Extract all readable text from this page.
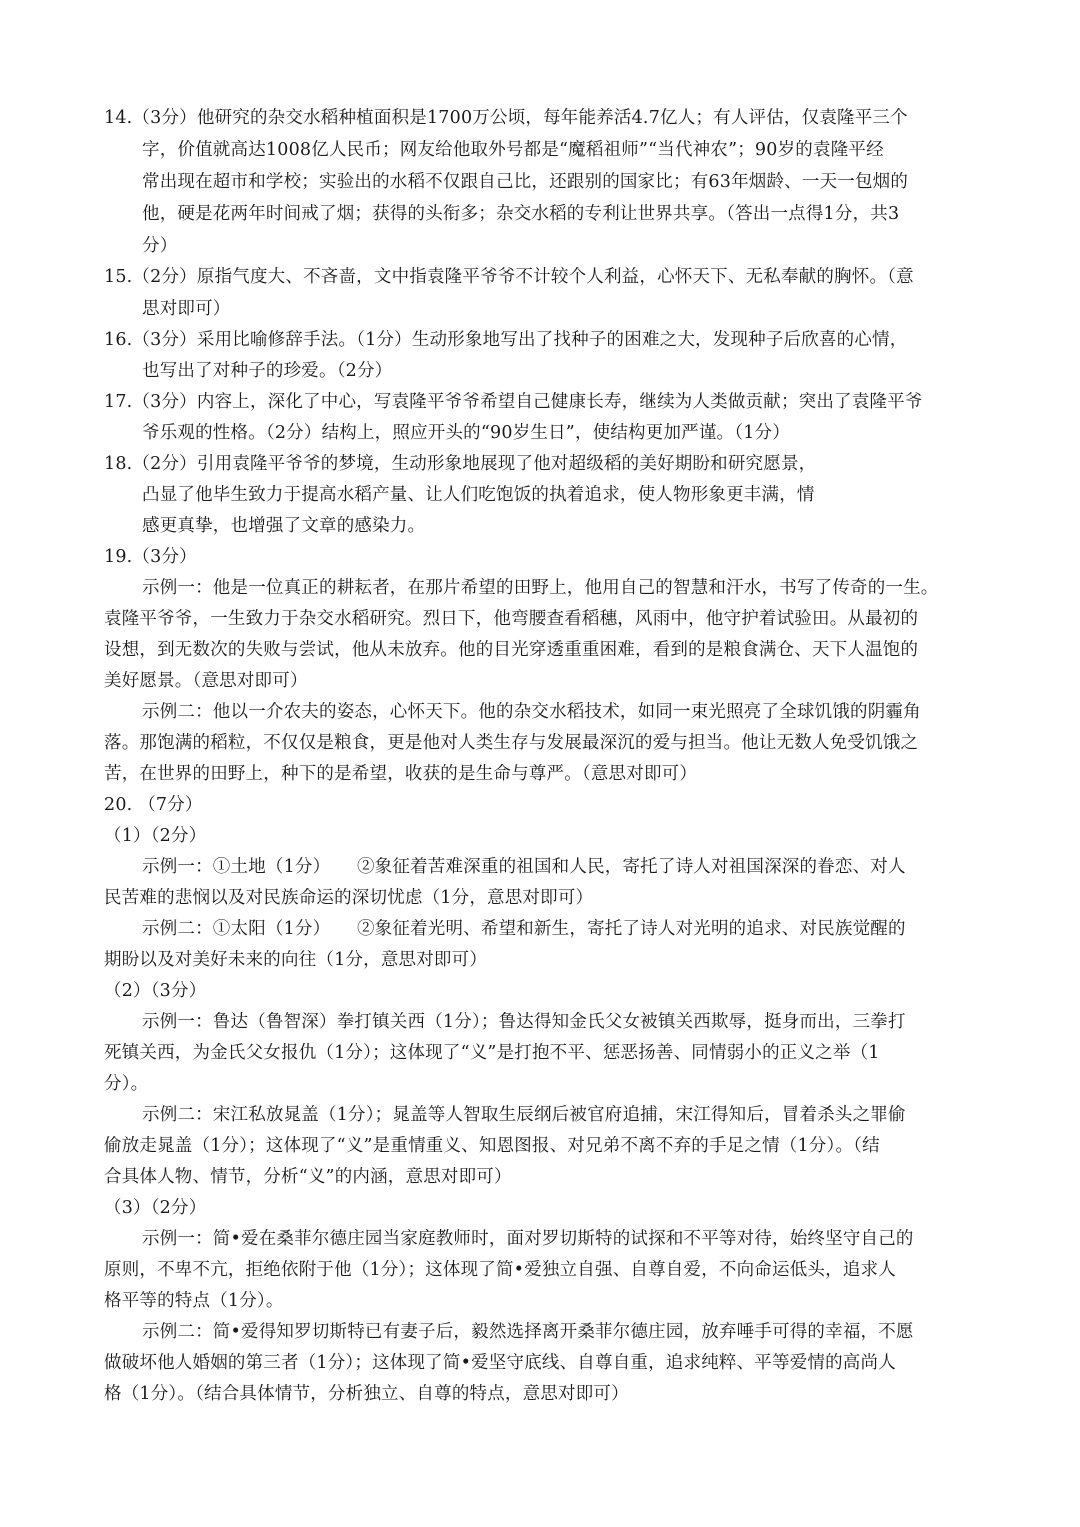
14.（3分）他研究的杂交水稻种植面积是1700万公顷，每年能养活4.7亿人；有人评估，仅袁隆平三个
字，价值就高达1008亿人民币；网友给他取外号都是“魔稻祖师”“当代神农”；90岁的袁隆平经
常出现在超市和学校；实验出的水稻不仅跟自己比，还跟别的国家比；有63年烟龄、一天一包烟的
他，硬是花两年时间戒了烟；获得的头衔多；杂交水稻的专利让世界共享。（答出一点得1分，共3
分）
15.（2分）原指气度大、不吝啬，文中指袁隆平爷爷不计较个人利益，心怀天下、无私奉献的胸怀。（意
思对即可）
16.（3分）采用比喻修辞手法。（1分）生动形象地写出了找种子的困难之大，发现种子后欣喜的心情，
也写出了对种子的珍爱。（2分）
17.（3分）内容上，深化了中心，写袁隆平爷爷希望自己健康长寿，继续为人类做贡献；突出了袁隆平爷
爷乐观的性格。（2分）结构上，照应开头的“90岁生日”，使结构更加严谨。（1分）
18.（2分）引用袁隆平爷爷的梦境，生动形象地展现了他对超级稻的美好期盼和研究愿景，
凸显了他毕生致力于提高水稻产量、让人们吃饱饭的执着追求，使人物形象更丰满，情
感更真挚，也增强了文章的感染力。
19.（3分）
示例一：他是一位真正的耕耘者，在那片希望的田野上，他用自己的智慧和汗水，书写了传奇的一生。
袁隆平爷爷，一生致力于杂交水稻研究。烈日下，他弯腰查看稻穗，风雨中，他守护着试验田。从最初的
设想，到无数次的失败与尝试，他从未放弃。他的目光穿透重重困难，看到的是粮食满仓、天下人温饱的
美好愿景。（意思对即可）
示例二：他以一介农夫的姿态，心怀天下。他的杂交水稻技术，如同一束光照亮了全球饥饿的阴霾角
落。那饱满的稻粒，不仅仅是粮食，更是他对人类生存与发展最深沉的爱与担当。他让无数人免受饥饿之
苦，在世界的田野上，种下的是希望，收获的是生命与尊严。（意思对即可）
20. （7分）
（1）（2分）
示例一：①土地（1分）　　②象征着苦难深重的祖国和人民，寄托了诗人对祖国深深的眷恋、对人
民苦难的悲悯以及对民族命运的深切忧虑（1分，意思对即可）
示例二：①太阳（1分）　　②象征着光明、希望和新生，寄托了诗人对光明的追求、对民族觉醒的
期盼以及对美好未来的向往（1分，意思对即可）
（2）（3分）
示例一：鲁达（鲁智深）拳打镇关西（1分）；鲁达得知金氏父女被镇关西欺辱，挺身而出，三拳打
死镇关西，为金氏父女报仇（1分）；这体现了“义”是打抱不平、惩恶扬善、同情弱小的正义之举（1
分）。
示例二：宋江私放晁盖（1分）；晁盖等人智取生辰纲后被官府追捕，宋江得知后，冒着杀头之罪偷
偷放走晁盖（1分）；这体现了“义”是重情重义、知恩图报、对兄弟不离不弃的手足之情（1分）。（结
合具体人物、情节，分析“义”的内涵，意思对即可）
（3）（2分）
示例一：简•爱在桑菲尔德庄园当家庭教师时，面对罗切斯特的试探和不平等对待，始终坚守自己的
原则，不卑不亢，拒绝依附于他（1分）；这体现了简•爱独立自强、自尊自爱，不向命运低头，追求人
格平等的特点（1分）。
示例二：简•爱得知罗切斯特已有妻子后，毅然选择离开桑菲尔德庄园，放弃唾手可得的幸福，不愿
做破坏他人婚姻的第三者（1分）；这体现了简•爱坚守底线、自尊自重，追求纯粹、平等爱情的高尚人
格（1分）。（结合具体情节，分析独立、自尊的特点，意思对即可）
